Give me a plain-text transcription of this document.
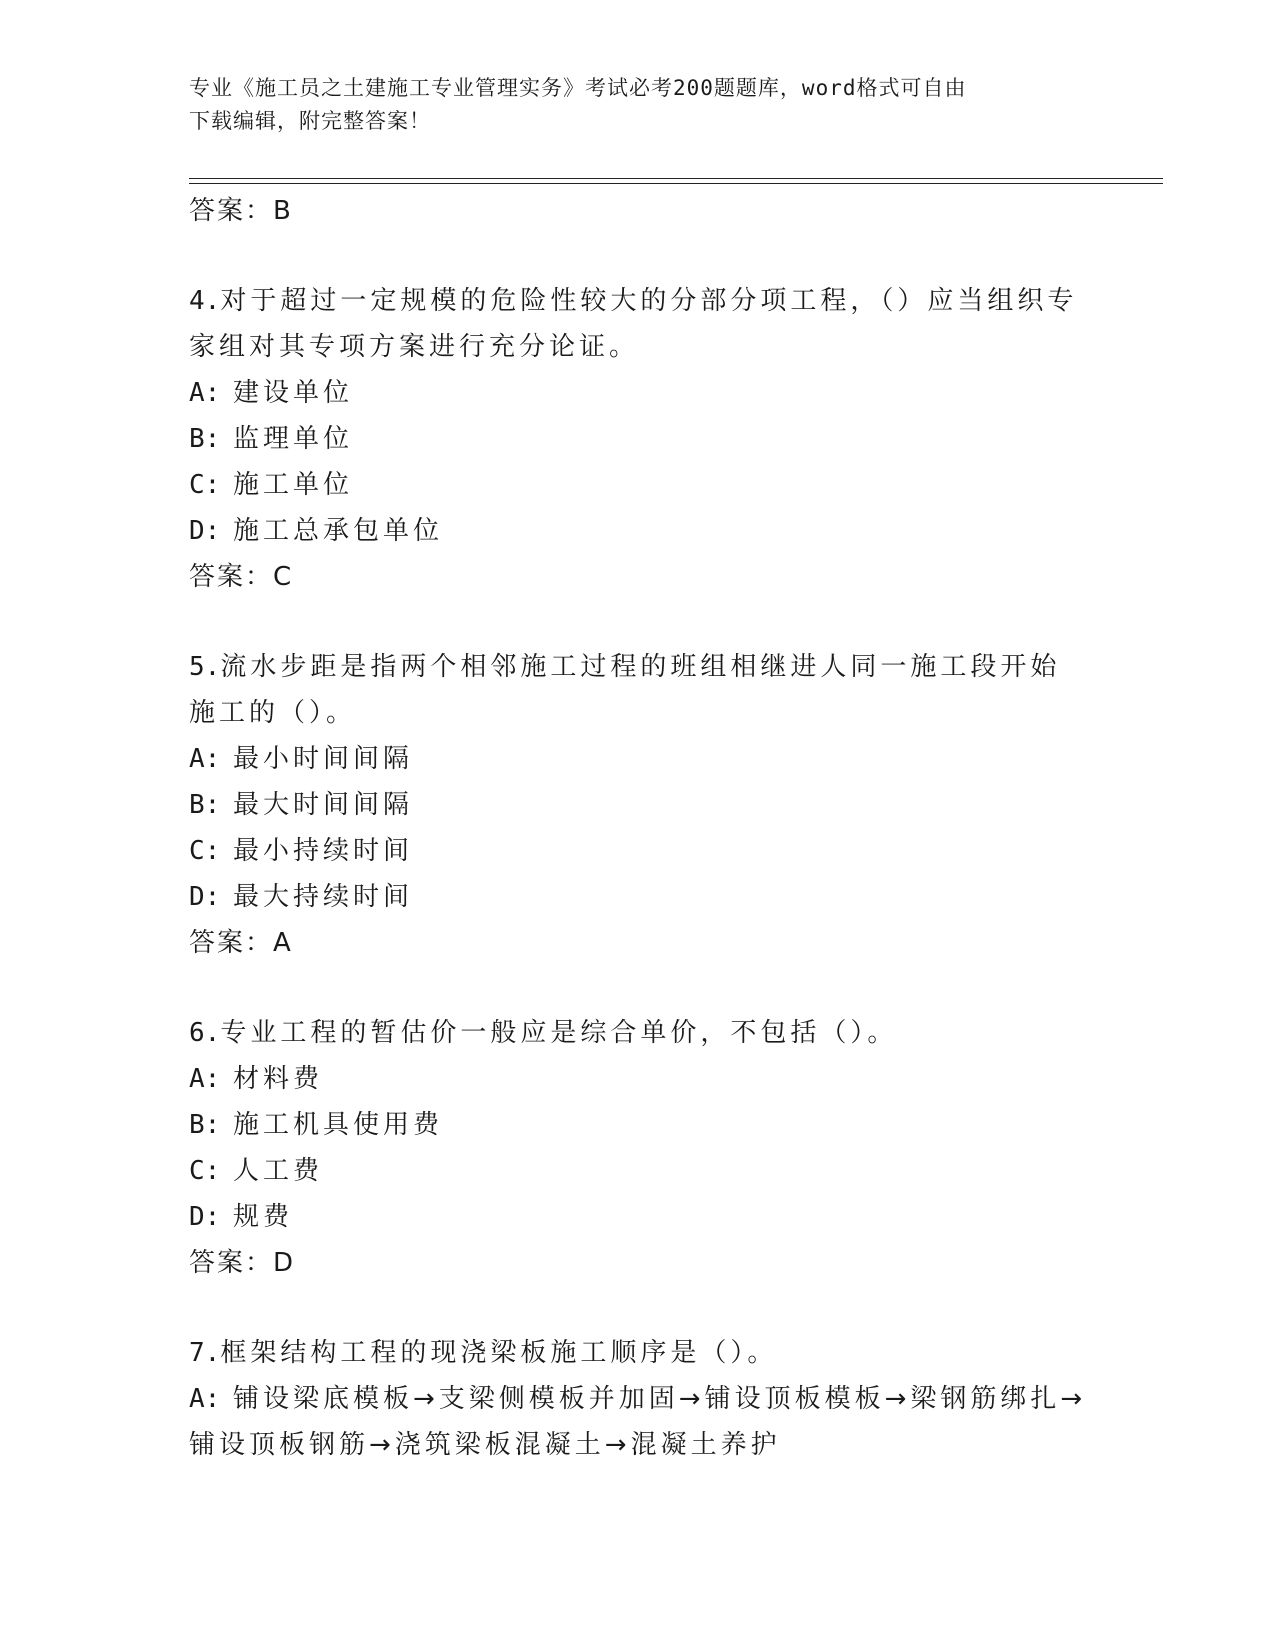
专业《施工员之土建施工专业管理实务》考试必考200题题库，word格式可自由
下载编辑，附完整答案！
答案：B
4.对于超过一定规模的危险性较大的分部分项工程，（）应当组织专家组对其专项方案进行充分论证。
A: 建设单位
B: 监理单位
C: 施工单位
D: 施工总承包单位
答案：C
5.流水步距是指两个相邻施工过程的班组相继进人同一施工段开始施工的（）。
A: 最小时间间隔
B: 最大时间间隔
C: 最小持续时间
D: 最大持续时间
答案：A
6.专业工程的暂估价一般应是综合单价，不包括（）。
A: 材料费
B: 施工机具使用费
C: 人工费
D: 规费
答案：D
7.框架结构工程的现浇梁板施工顺序是（）。
A: 铺设梁底模板→支梁侧模板并加固→铺设顶板模板→梁钢筋绑扎→铺设顶板钢筋→浇筑梁板混凝土→混凝土养护
